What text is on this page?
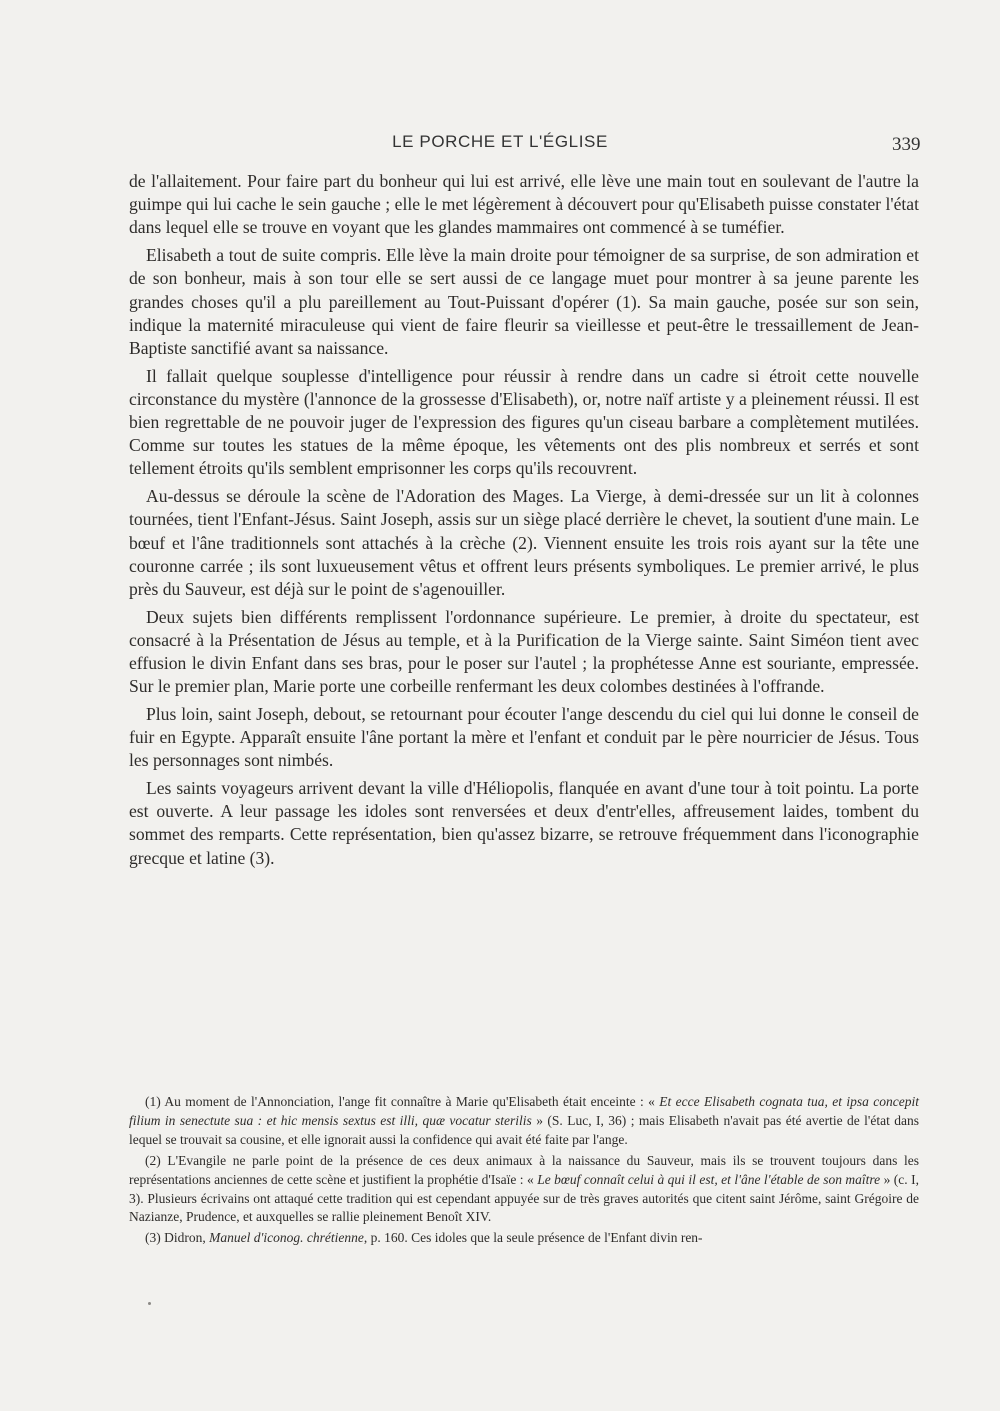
LE PORCHE ET L'ÉGLISE	339

de l'allaitement. Pour faire part du bonheur qui lui est arrivé, elle lève une main tout en soulevant de l'autre la guimpe qui lui cache le sein gauche ; elle le met légèrement à découvert pour qu'Elisabeth puisse constater l'état dans lequel elle se trouve en voyant que les glandes mammaires ont commencé à se tuméfier.

Elisabeth a tout de suite compris. Elle lève la main droite pour témoigner de sa surprise, de son admiration et de son bonheur, mais à son tour elle se sert aussi de ce langage muet pour montrer à sa jeune parente les grandes choses qu'il a plu pareillement au Tout-Puissant d'opérer (1). Sa main gauche, posée sur son sein, indique la maternité miraculeuse qui vient de faire fleurir sa vieillesse et peut-être le tressaillement de Jean-Baptiste sanctifié avant sa naissance.

Il fallait quelque souplesse d'intelligence pour réussir à rendre dans un cadre si étroit cette nouvelle circonstance du mystère (l'annonce de la grossesse d'Elisabeth), or, notre naïf artiste y a pleinement réussi. Il est bien regrettable de ne pouvoir juger de l'expression des figures qu'un ciseau barbare a complètement mutilées. Comme sur toutes les statues de la même époque, les vêtements ont des plis nombreux et serrés et sont tellement étroits qu'ils semblent emprisonner les corps qu'ils recouvrent.

Au-dessus se déroule la scène de l'Adoration des Mages. La Vierge, à demi-dressée sur un lit à colonnes tournées, tient l'Enfant-Jésus. Saint Joseph, assis sur un siège placé derrière le chevet, la soutient d'une main. Le bœuf et l'âne traditionnels sont attachés à la crèche (2). Viennent ensuite les trois rois ayant sur la tête une couronne carrée ; ils sont luxueusement vêtus et offrent leurs présents symboliques. Le premier arrivé, le plus près du Sauveur, est déjà sur le point de s'agenouiller.

Deux sujets bien différents remplissent l'ordonnance supérieure. Le premier, à droite du spectateur, est consacré à la Présentation de Jésus au temple, et à la Purification de la Vierge sainte. Saint Siméon tient avec effusion le divin Enfant dans ses bras, pour le poser sur l'autel ; la prophétesse Anne est souriante, empressée. Sur le premier plan, Marie porte une corbeille renfermant les deux colombes destinées à l'offrande.

Plus loin, saint Joseph, debout, se retournant pour écouter l'ange descendu du ciel qui lui donne le conseil de fuir en Egypte. Apparaît ensuite l'âne portant la mère et l'enfant et conduit par le père nourricier de Jésus. Tous les personnages sont nimbés.

Les saints voyageurs arrivent devant la ville d'Héliopolis, flanquée en avant d'une tour à toit pointu. La porte est ouverte. A leur passage les idoles sont renversées et deux d'entr'elles, affreusement laides, tombent du sommet des remparts. Cette représentation, bien qu'assez bizarre, se retrouve fréquemment dans l'iconographie grecque et latine (3).

(1) Au moment de l'Annonciation, l'ange fit connaître à Marie qu'Elisabeth était enceinte : « Et ecce Elisabeth cognata tua, et ipsa concepit filium in senectute sua : et hic mensis sextus est illi, quæ vocatur sterilis » (S. Luc, I, 36) ; mais Elisabeth n'avait pas été avertie de l'état dans lequel se trouvait sa cousine, et elle ignorait aussi la confidence qui avait été faite par l'ange.

(2) L'Evangile ne parle point de la présence de ces deux animaux à la naissance du Sauveur, mais ils se trouvent toujours dans les représentations anciennes de cette scène et justifient la prophétie d'Isaïe : « Le bœuf connaît celui à qui il est, et l'âne l'étable de son maître » (c. I, 3). Plusieurs écrivains ont attaqué cette tradition qui est cependant appuyée sur de très graves autorités que citent saint Jérôme, saint Grégoire de Nazianze, Prudence, et auxquelles se rallie pleinement Benoît XIV.

(3) Didron, Manuel d'iconog. chrétienne, p. 160. Ces idoles que la seule présence de l'Enfant divin ren-
